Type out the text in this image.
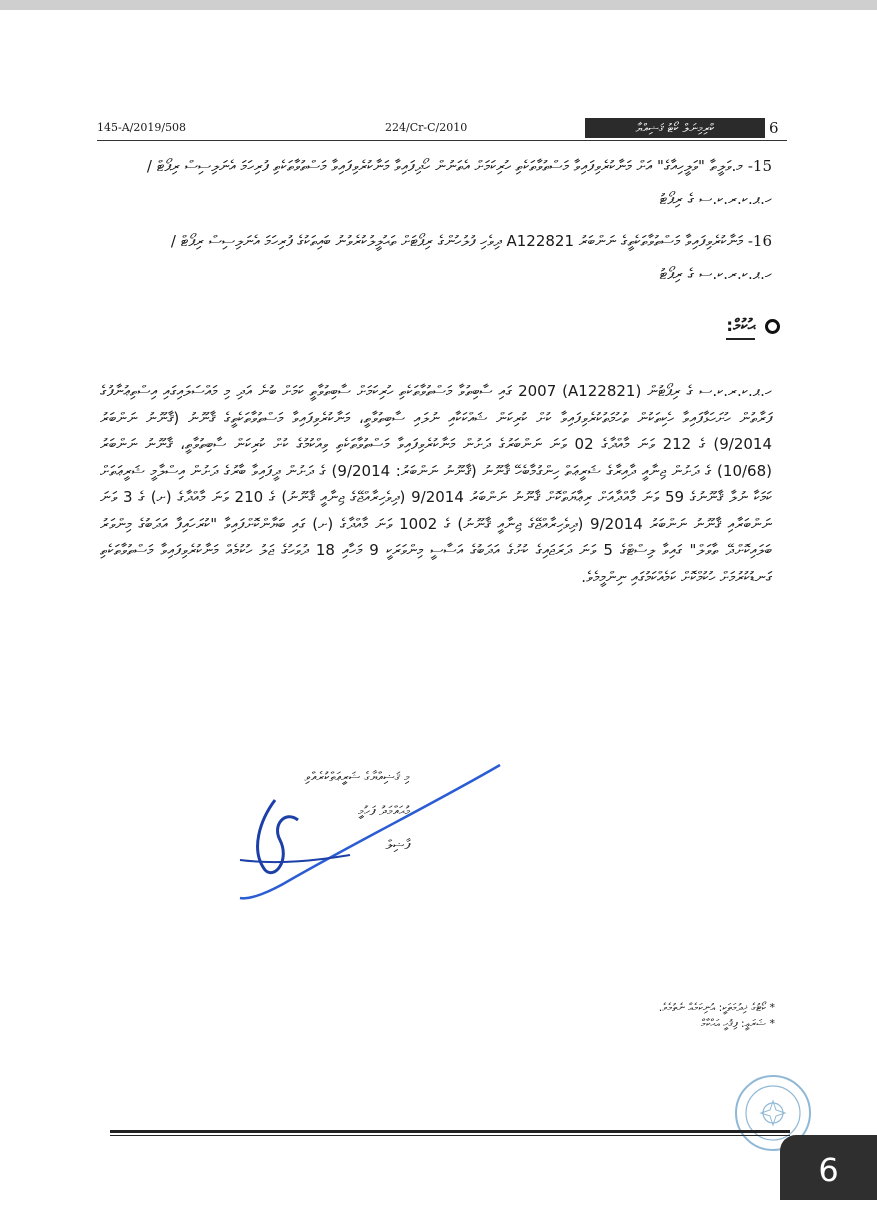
145-A/2019/508	224/Cr-C/2010	ކްރިމިނަލް ކޯޓު ޤަޟިއްޔާ	6
15- މ.ވަލީތާ "ވަލީހިއާގެ" އަށް މަނާކުރެވިފައިވާ މަސްތުވާތަކެތި ހުރިކަމަށް އެތަނުން ހޯދިފައިވާ މަނާކުރެވިފައިވާ މަސްތުވާތަކެތި ފުރިހަމަ އެނަލިސިސް ރިޕޯޓް / ހ.ޕ.ކ.ރ.ކ.ސ ގެ ރިޕޯޓު
16- މަނާކުރެވިފައިވާ މަސްތުވާތަކެތީގެ ނަންބަރު A122821 ދިވެހި ފުލުހުންގެ ރިޕޯޓަށް ތަޙުލީލުކުރެވުނު ބައިތަކުގެ ފުރިހަމަ އެނަލިސިސް ރިޕޯޓް / ހ.ޕ.ކ.ރ.ކ.ސ ގެ ރިޕޯޓު
ޙުކުމް:
ހ.ޕ.ކ.ރ.ކ.ސ ގެ ރިޕޯޓުން (A122821) 2007 ގައި ސާބިތުވާ މަސްތުވާތަކެތި ހުރިކަމަށް ސާބިތުވާތީ ކަމަށް ބުނެ އަދި މި މައްސަލައިގައި އިސްތިޢުނާފުގެ ފަރާތުން ހުށަހަޅާފައިވާ ހެކިތަކުން ތުހުމަތުކުރެވިފައިވާ ކުށް ކުރިކަން ޝައްކަކާއި ނުލައި ސާބިތުވާތީ، މަނާކުރެވިފައިވާ މަސްތުވާތަކެތީގެ ޤާނޫނު (ޤާނޫނު ނަންބަރު 9/2014) ގެ 212 ވަނަ މާއްދާގެ 02 ވަނަ ނަންބަރުގެ ދަށުން މަނާކުރެވިފައިވާ މަސްތުވާތަކެތި ވިއްކުމުގެ ކުށް ކުރިކަން ސާބިތުވާތީ، ޤާނޫނު ނަންބަރު (10/68) ގެ ދަށުން ޖިނާއީ ދާއިރާގެ ޝަރީޢަތް ހިންގުމާބެހޭ ޤާނޫނު (ޤާނޫނު ނަންބަރު: 9/2014) ގެ ދަށުން ދީފައިވާ ބާރުގެ ދަށުން އިސްލާމީ ޝަރީޢަތަށް ކަމަކާ ނުލާ ޤާނޫނުގެ 59 ވަނަ މާއްދާއަށް ރިޢާޔަތްކޮށް ޤާނޫނު ނަންބަރު 9/2014 (ދިވެހިރާއްޖޭގެ ޖިނާއީ ޤާނޫނު) ގެ 210 ވަނަ މާއްދާގެ (ށ) ގެ 3 ވަނަ ނަންބަރާއި ޤާނޫނު ނަންބަރު 9/2014 (ދިވެހިރާއްޖޭގެ ޖިނާއީ ޤާނޫނު) ގެ 1002 ވަނަ މާއްދާގެ (ށ) ގައި ބަޔާންކޮށްފައިވާ "ކުރަހައިފާ އަދަބުގެ މިންވަރު ބަލައިކޮށްދޭ ތާވަލް" ގައިވާ ލިސްޓްގެ 5 ވަނަ ދަރަޖައިގެ ކުށުގެ އަދަބުގެ އަސާސީ މިންވަރަކީ 9 މަހާއި 18 ދުވަހުގެ ޖަލު ހުކުމެއް މަނާކުރެވިފައިވާ މަސްތުވާތަކެތި ގަނޑުކުރުމަށް ހުކުމްކޮށް ކަމެއްކަމުގައި ނިންމީމެވެ.
މި ޤަޟިއްޔާގެ ޝަރީޢަތްކުރެއްވި
މުޙައްމަދު ފަހުމީ
ފާޟިލް
* ކޯޓުގެ ޚިދުމަތަކީ: އުނިކަމެއް ނެތުމެވެ.
* ޝަރަޢީ: ފިޤުހީ އަޙްކާމް
6
